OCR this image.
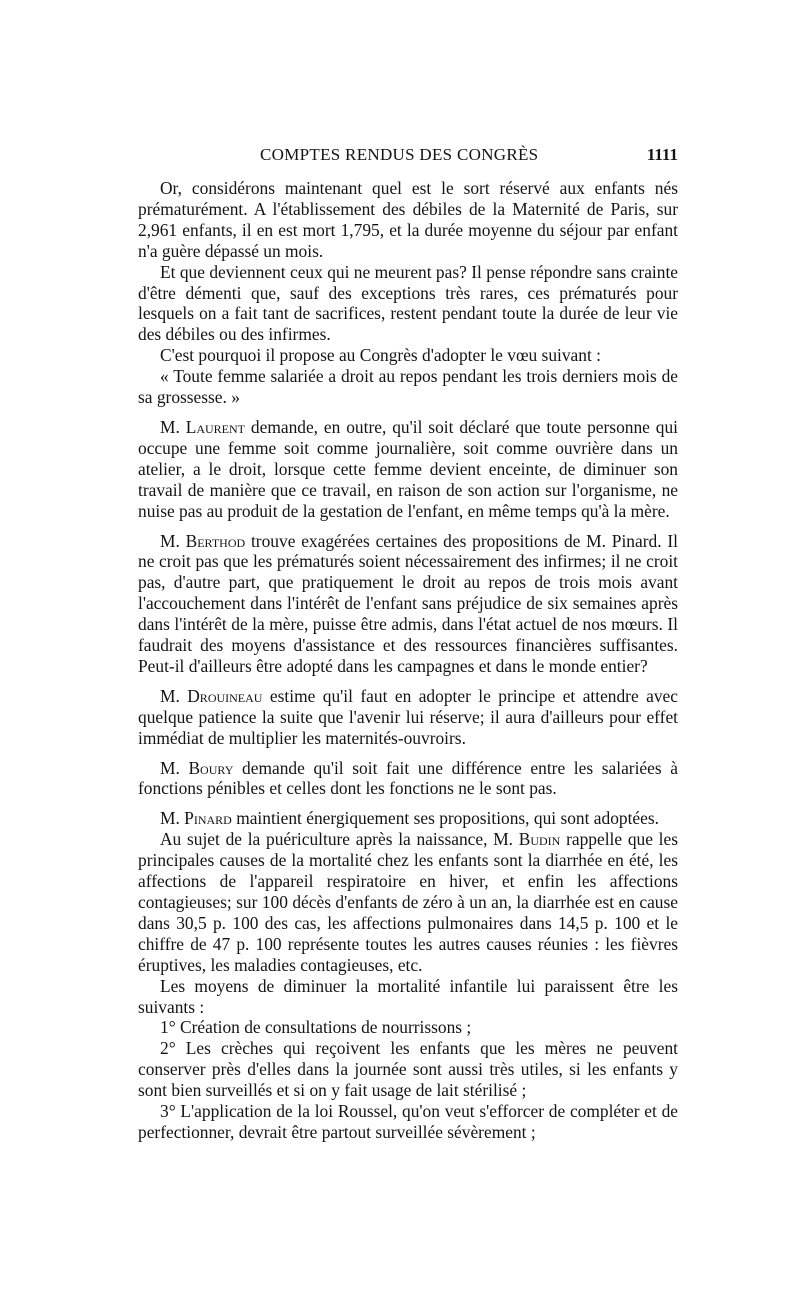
COMPTES RENDUS DES CONGRÈS	1111

Or, considérons maintenant quel est le sort réservé aux enfants nés prématurément. A l'établissement des débiles de la Maternité de Paris, sur 2,961 enfants, il en est mort 1,795, et la durée moyenne du séjour par enfant n'a guère dépassé un mois.

Et que deviennent ceux qui ne meurent pas? Il pense répondre sans crainte d'être démenti que, sauf des exceptions très rares, ces prématurés pour lesquels on a fait tant de sacrifices, restent pendant toute la durée de leur vie des débiles ou des infirmes.

C'est pourquoi il propose au Congrès d'adopter le vœu suivant :

« Toute femme salariée a droit au repos pendant les trois derniers mois de sa grossesse. »

M. Laurent demande, en outre, qu'il soit déclaré que toute personne qui occupe une femme soit comme journalière, soit comme ouvrière dans un atelier, a le droit, lorsque cette femme devient enceinte, de diminuer son travail de manière que ce travail, en raison de son action sur l'organisme, ne nuise pas au produit de la gestation de l'enfant, en même temps qu'à la mère.

M. Berthod trouve exagérées certaines des propositions de M. Pinard. Il ne croit pas que les prématurés soient nécessairement des infirmes; il ne croit pas, d'autre part, que pratiquement le droit au repos de trois mois avant l'accouchement dans l'intérêt de l'enfant sans préjudice de six semaines après dans l'intérêt de la mère, puisse être admis, dans l'état actuel de nos mœurs. Il faudrait des moyens d'assistance et des ressources financières suffisantes. Peut-il d'ailleurs être adopté dans les campagnes et dans le monde entier?

M. Drouineau estime qu'il faut en adopter le principe et attendre avec quelque patience la suite que l'avenir lui réserve; il aura d'ailleurs pour effet immédiat de multiplier les maternités-ouvroirs.

M. Boury demande qu'il soit fait une différence entre les salariées à fonctions pénibles et celles dont les fonctions ne le sont pas.

M. Pinard maintient énergiquement ses propositions, qui sont adoptées.

Au sujet de la puériculture après la naissance, M. Budin rappelle que les principales causes de la mortalité chez les enfants sont la diarrhée en été, les affections de l'appareil respiratoire en hiver, et enfin les affections contagieuses; sur 100 décès d'enfants de zéro à un an, la diarrhée est en cause dans 30,5 p. 100 des cas, les affections pulmonaires dans 14,5 p. 100 et le chiffre de 47 p. 100 représente toutes les autres causes réunies : les fièvres éruptives, les maladies contagieuses, etc.

Les moyens de diminuer la mortalité infantile lui paraissent être les suivants :

1° Création de consultations de nourrissons ;

2° Les crèches qui reçoivent les enfants que les mères ne peuvent conserver près d'elles dans la journée sont aussi très utiles, si les enfants y sont bien surveillés et si on y fait usage de lait stérilisé ;

3° L'application de la loi Roussel, qu'on veut s'efforcer de compléter et de perfectionner, devrait être partout surveillée sévèrement ;
